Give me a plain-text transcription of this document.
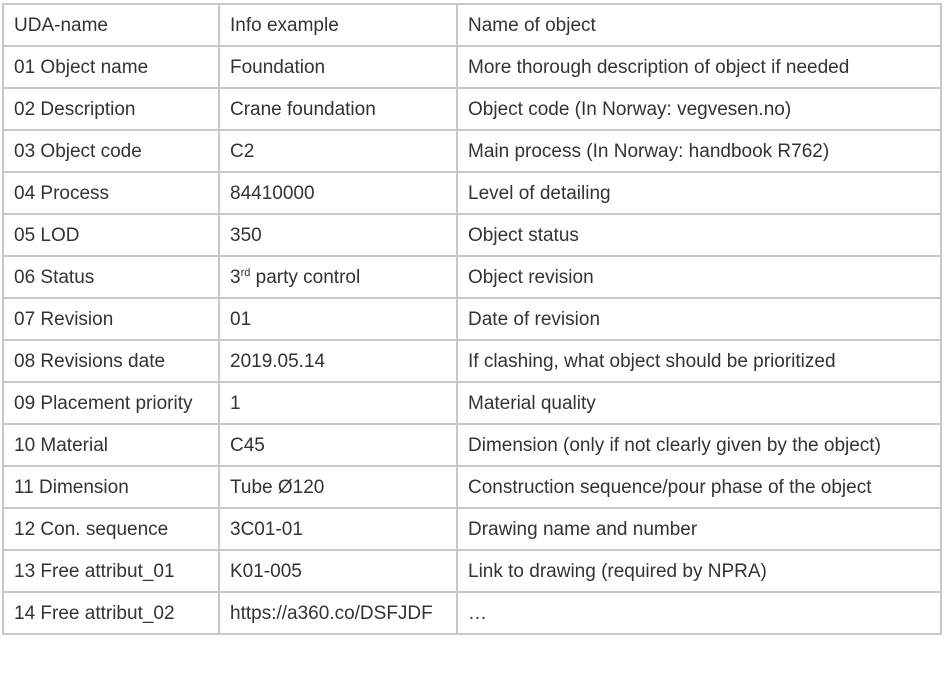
UDA-name	Info example	Name of object
01 Object name	Foundation	More thorough description of object if needed
02 Description	Crane foundation	Object code (In Norway: vegvesen.no)
03 Object code	C2	Main process (In Norway: handbook R762)
04 Process	84410000	Level of detailing
05 LOD	350	Object status
06 Status	3rd party control	Object revision
07 Revision	01	Date of revision
08 Revisions date	2019.05.14	If clashing, what object should be prioritized
09 Placement priority	1	Material quality
10 Material	C45	Dimension (only if not clearly given by the object)
11 Dimension	Tube Ø120	Construction sequence/pour phase of the object
12 Con. sequence	3C01-01	Drawing name and number
13 Free attribut_01	K01-005	Link to drawing (required by NPRA)
14 Free attribut_02	https://a360.co/DSFJDF	…
